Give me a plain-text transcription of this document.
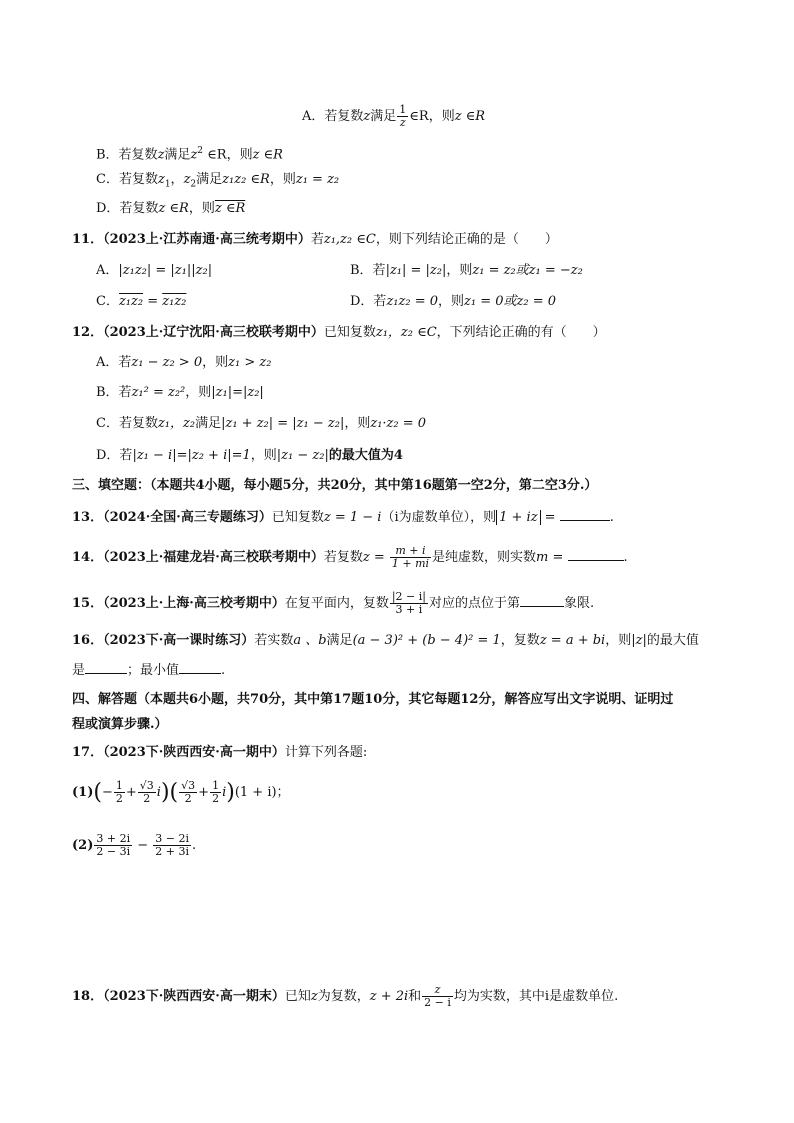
A．若复数z满足 $\frac{1}{z}$ ∈R，则z ∈R
B．若复数z满足$z^2$ ∈R，则z ∈R
C．若复数$z_1$，$z_2$满足z₁z₂ ∈R，则z₁ = z₂
D．若复数z ∈R，则z ∈R
11．（2023上·江苏南通·高三统考期中）若z₁,z₂ ∈C，则下列结论正确的是（　　）
A．|z₁z₂| = |z₁||z₂|	B．若|z₁| = |z₂|，则z₁ = z₂或z₁ = −z₂
C．z₁z₂ = z₁z₂	D．若z₁z₂ = 0，则z₁ = 0或z₂ = 0
12．（2023上·辽宁沈阳·高三校联考期中）已知复数z₁，z₂ ∈C，下列结论正确的有（　　）
A．若z₁ − z₂ > 0，则z₁ > z₂
B．若z₁² = z₂²，则|z₁|=|z₂|
C．若复数z₁，z₂满足|z₁ + z₂| = |z₁ − z₂|，则z₁·z₂ = 0
D．若|z₁ − i|=|z₂ + i|=1，则|z₁ − z₂|的最大值为4
三、填空题：（本题共4小题，每小题5分，共20分，其中第16题第一空2分，第二空3分.）
13．（2024·全国·高三专题练习）已知复数z = 1 − i（i为虚数单位），则 1 + iz =	.
14．（2023上·福建龙岩·高三校联考期中）若复数$z = \frac{m + i}{1 + mi}$ 是纯虚数，则实数m =	.
15．（2023上·上海·高三校考期中）在复平面内，复数 $\frac{|2 - i|}{3 + i}$ 对应的点位于第	象限.
16．（2023下·高一课时练习）若实数a 、b满足(a − 3)² + (b − 4)² = 1，复数z = a + bi，则|z|的最大值
是	；最小值	.
四、解答题（本题共6小题，共70分，其中第17题10分，其它每题12分，解答应写出文字说明、证明过
程或演算步骤.）
17．（2023下·陕西西安·高一期中）计算下列各题:
$(1)(- \frac{1}{2} + \frac{√3}{2} i)( \frac{√3}{2} + \frac{1}{2} i)(1 + i)$；
$(2) \frac{3 + 2i}{2 - 3i} - \frac{3 - 2i}{2 + 3i}$ .
18．（2023下·陕西西安·高一期末）已知z为复数，z + 2i和 $\frac{z}{2 - i}$ 均为实数，其中i是虚数单位.
